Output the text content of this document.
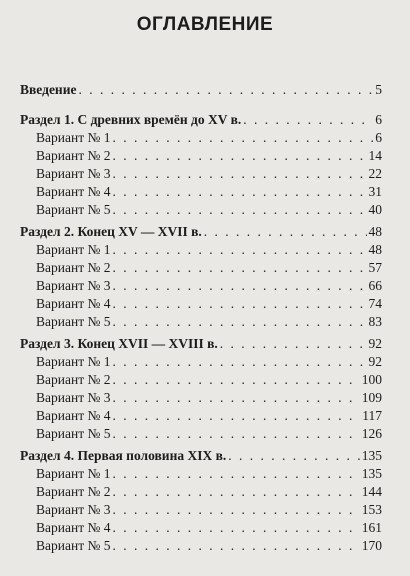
ОГЛАВЛЕНИЕ
Введение . . .	5
Раздел 1. С древних времён до XV в. . . .	6
Вариант № 1 . . .	6
Вариант № 2 . . .	14
Вариант № 3 . . .	22
Вариант № 4 . . .	31
Вариант № 5 . . .	40
Раздел 2. Конец XV — XVII в. . . .	48
Вариант № 1 . . .	48
Вариант № 2 . . .	57
Вариант № 3 . . .	66
Вариант № 4 . . .	74
Вариант № 5 . . .	83
Раздел 3. Конец XVII — XVIII в. . . .	92
Вариант № 1 . . .	92
Вариант № 2 . . .	100
Вариант № 3 . . .	109
Вариант № 4 . . .	117
Вариант № 5 . . .	126
Раздел 4. Первая половина XIX в. . . .	135
Вариант № 1 . . .	135
Вариант № 2 . . .	144
Вариант № 3 . . .	153
Вариант № 4 . . .	161
Вариант № 5 . . .	170
